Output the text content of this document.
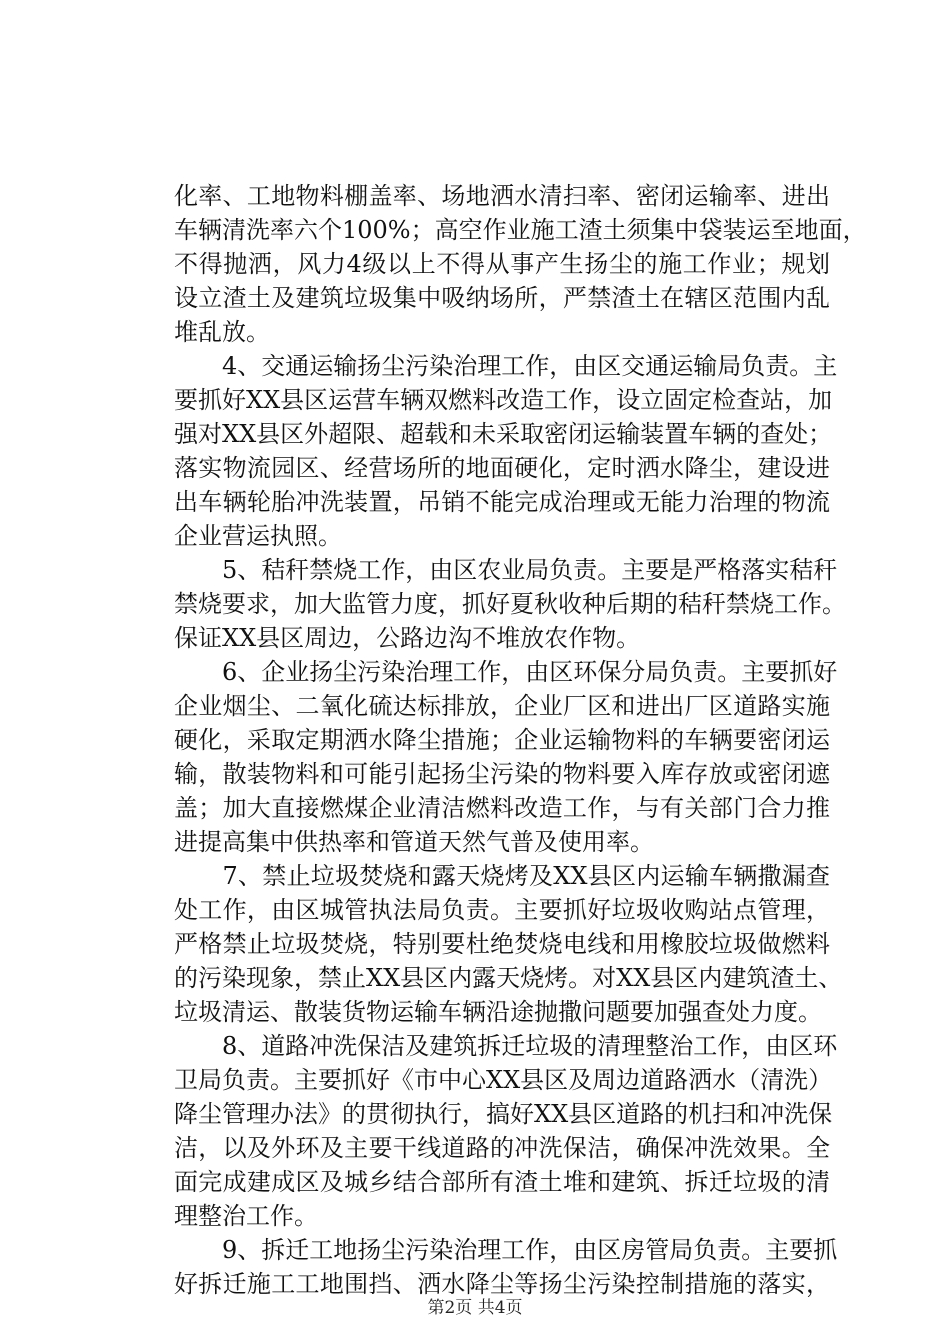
化率、工地物料棚盖率、场地洒水清扫率、密闭运输率、进出
车辆清洗率六个100%；高空作业施工渣土须集中袋装运至地面，
不得抛洒，风力4级以上不得从事产生扬尘的施工作业；规划
设立渣土及建筑垃圾集中吸纳场所，严禁渣土在辖区范围内乱
堆乱放。
　　4、交通运输扬尘污染治理工作，由区交通运输局负责。主
要抓好XX县区运营车辆双燃料改造工作，设立固定检查站，加
强对XX县区外超限、超载和未采取密闭运输装置车辆的查处；
落实物流园区、经营场所的地面硬化，定时洒水降尘，建设进
出车辆轮胎冲洗装置，吊销不能完成治理或无能力治理的物流
企业营运执照。
　　5、秸秆禁烧工作，由区农业局负责。主要是严格落实秸秆
禁烧要求，加大监管力度，抓好夏秋收种后期的秸秆禁烧工作。
保证XX县区周边，公路边沟不堆放农作物。
　　6、企业扬尘污染治理工作，由区环保分局负责。主要抓好
企业烟尘、二氧化硫达标排放，企业厂区和进出厂区道路实施
硬化，采取定期洒水降尘措施；企业运输物料的车辆要密闭运
输，散装物料和可能引起扬尘污染的物料要入库存放或密闭遮
盖；加大直接燃煤企业清洁燃料改造工作，与有关部门合力推
进提高集中供热率和管道天然气普及使用率。
　　7、禁止垃圾焚烧和露天烧烤及XX县区内运输车辆撒漏查
处工作，由区城管执法局负责。主要抓好垃圾收购站点管理，
严格禁止垃圾焚烧，特别要杜绝焚烧电线和用橡胶垃圾做燃料
的污染现象，禁止XX县区内露天烧烤。对XX县区内建筑渣土、
垃圾清运、散装货物运输车辆沿途抛撒问题要加强查处力度。
　　8、道路冲洗保洁及建筑拆迁垃圾的清理整治工作，由区环
卫局负责。主要抓好《市中心XX县区及周边道路洒水（清洗）
降尘管理办法》的贯彻执行，搞好XX县区道路的机扫和冲洗保
洁，以及外环及主要干线道路的冲洗保洁，确保冲洗效果。全
面完成建成区及城乡结合部所有渣土堆和建筑、拆迁垃圾的清
理整治工作。
　　9、拆迁工地扬尘污染治理工作，由区房管局负责。主要抓
好拆迁施工工地围挡、洒水降尘等扬尘污染控制措施的落实，
第2页 共4页
